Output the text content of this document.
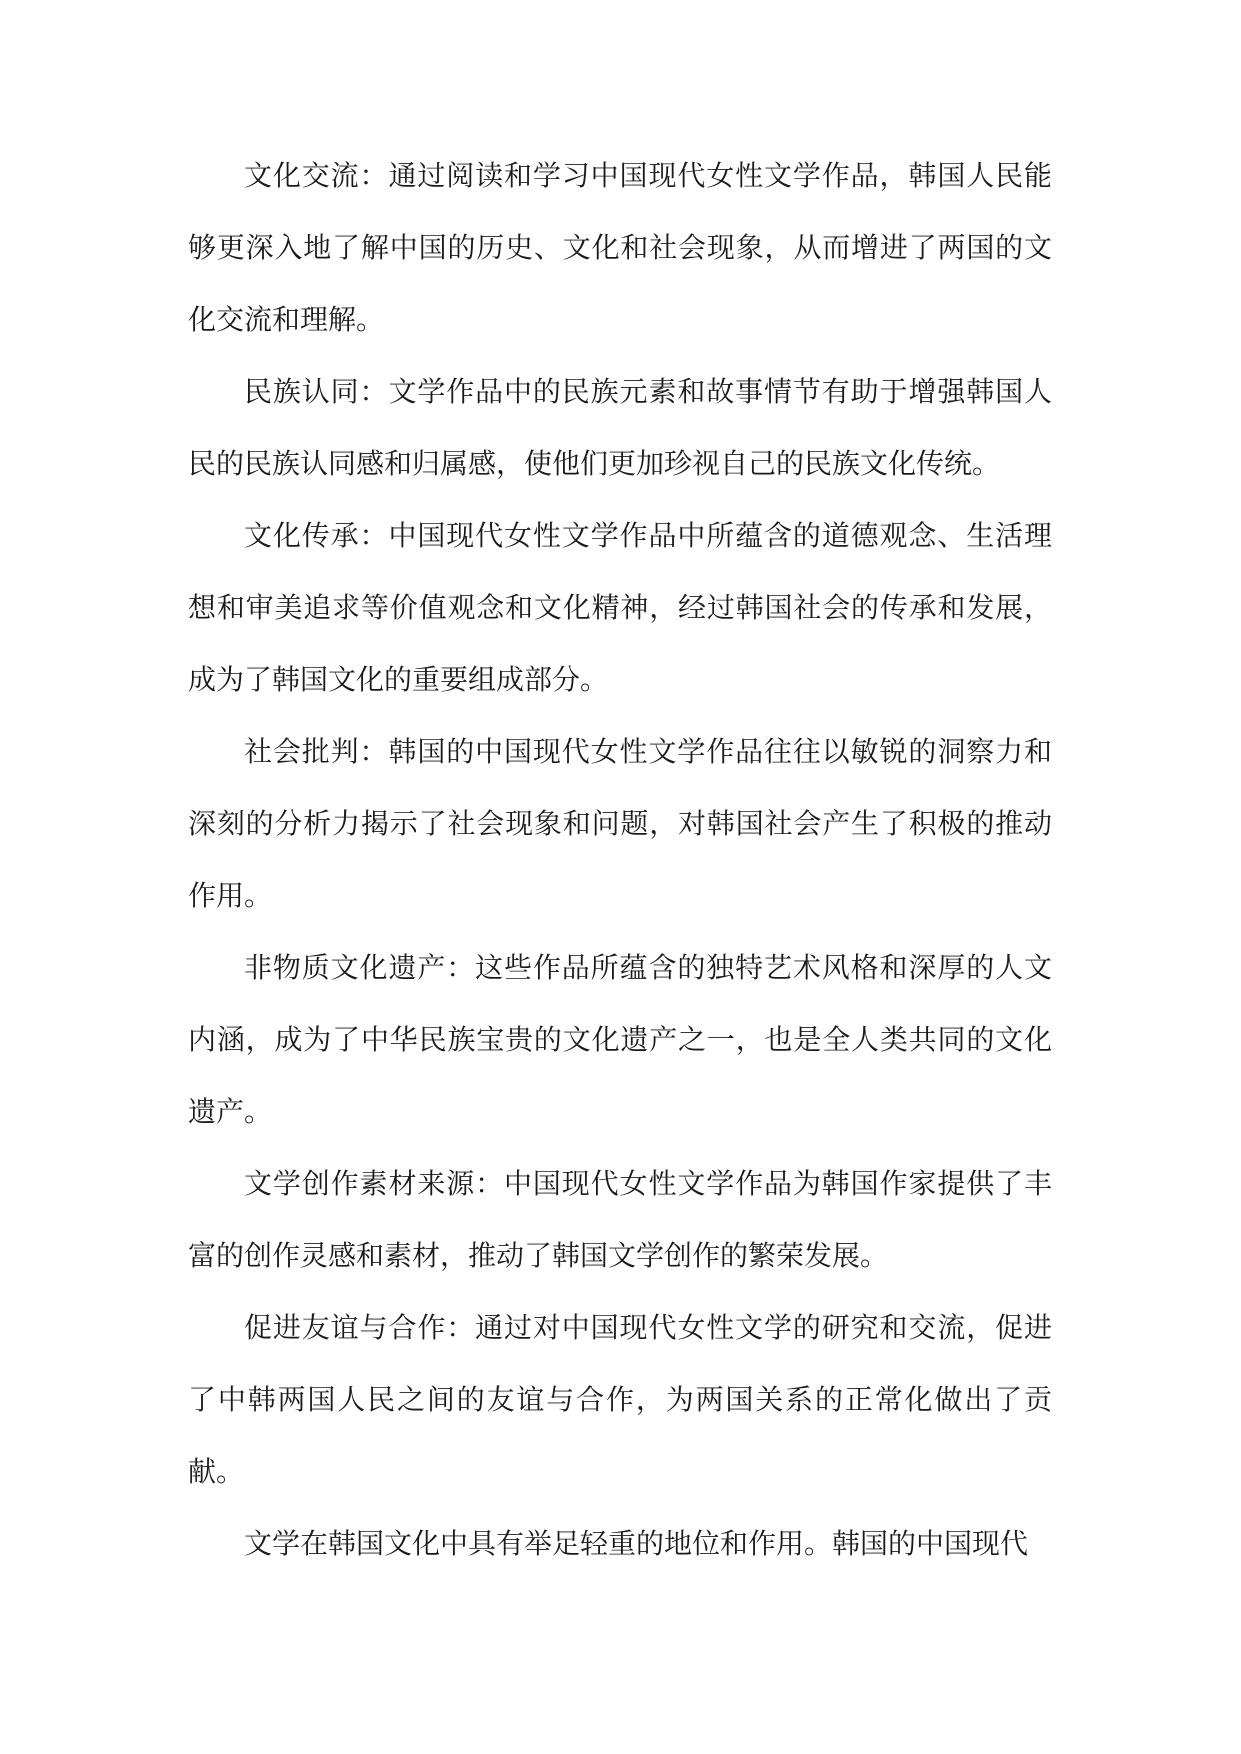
文化交流：通过阅读和学习中国现代女性文学作品，韩国人民能够更深入地了解中国的历史、文化和社会现象，从而增进了两国的文化交流和理解。

民族认同：文学作品中的民族元素和故事情节有助于增强韩国人民的民族认同感和归属感，使他们更加珍视自己的民族文化传统。

文化传承：中国现代女性文学作品中所蕴含的道德观念、生活理想和审美追求等价值观念和文化精神，经过韩国社会的传承和发展，成为了韩国文化的重要组成部分。

社会批判：韩国的中国现代女性文学作品往往以敏锐的洞察力和深刻的分析力揭示了社会现象和问题，对韩国社会产生了积极的推动作用。

非物质文化遗产：这些作品所蕴含的独特艺术风格和深厚的人文内涵，成为了中华民族宝贵的文化遗产之一，也是全人类共同的文化遗产。

文学创作素材来源：中国现代女性文学作品为韩国作家提供了丰富的创作灵感和素材，推动了韩国文学创作的繁荣发展。

促进友谊与合作：通过对中国现代女性文学的研究和交流，促进了中韩两国人民之间的友谊与合作，为两国关系的正常化做出了贡献。

文学在韩国文化中具有举足轻重的地位和作用。韩国的中国现代
